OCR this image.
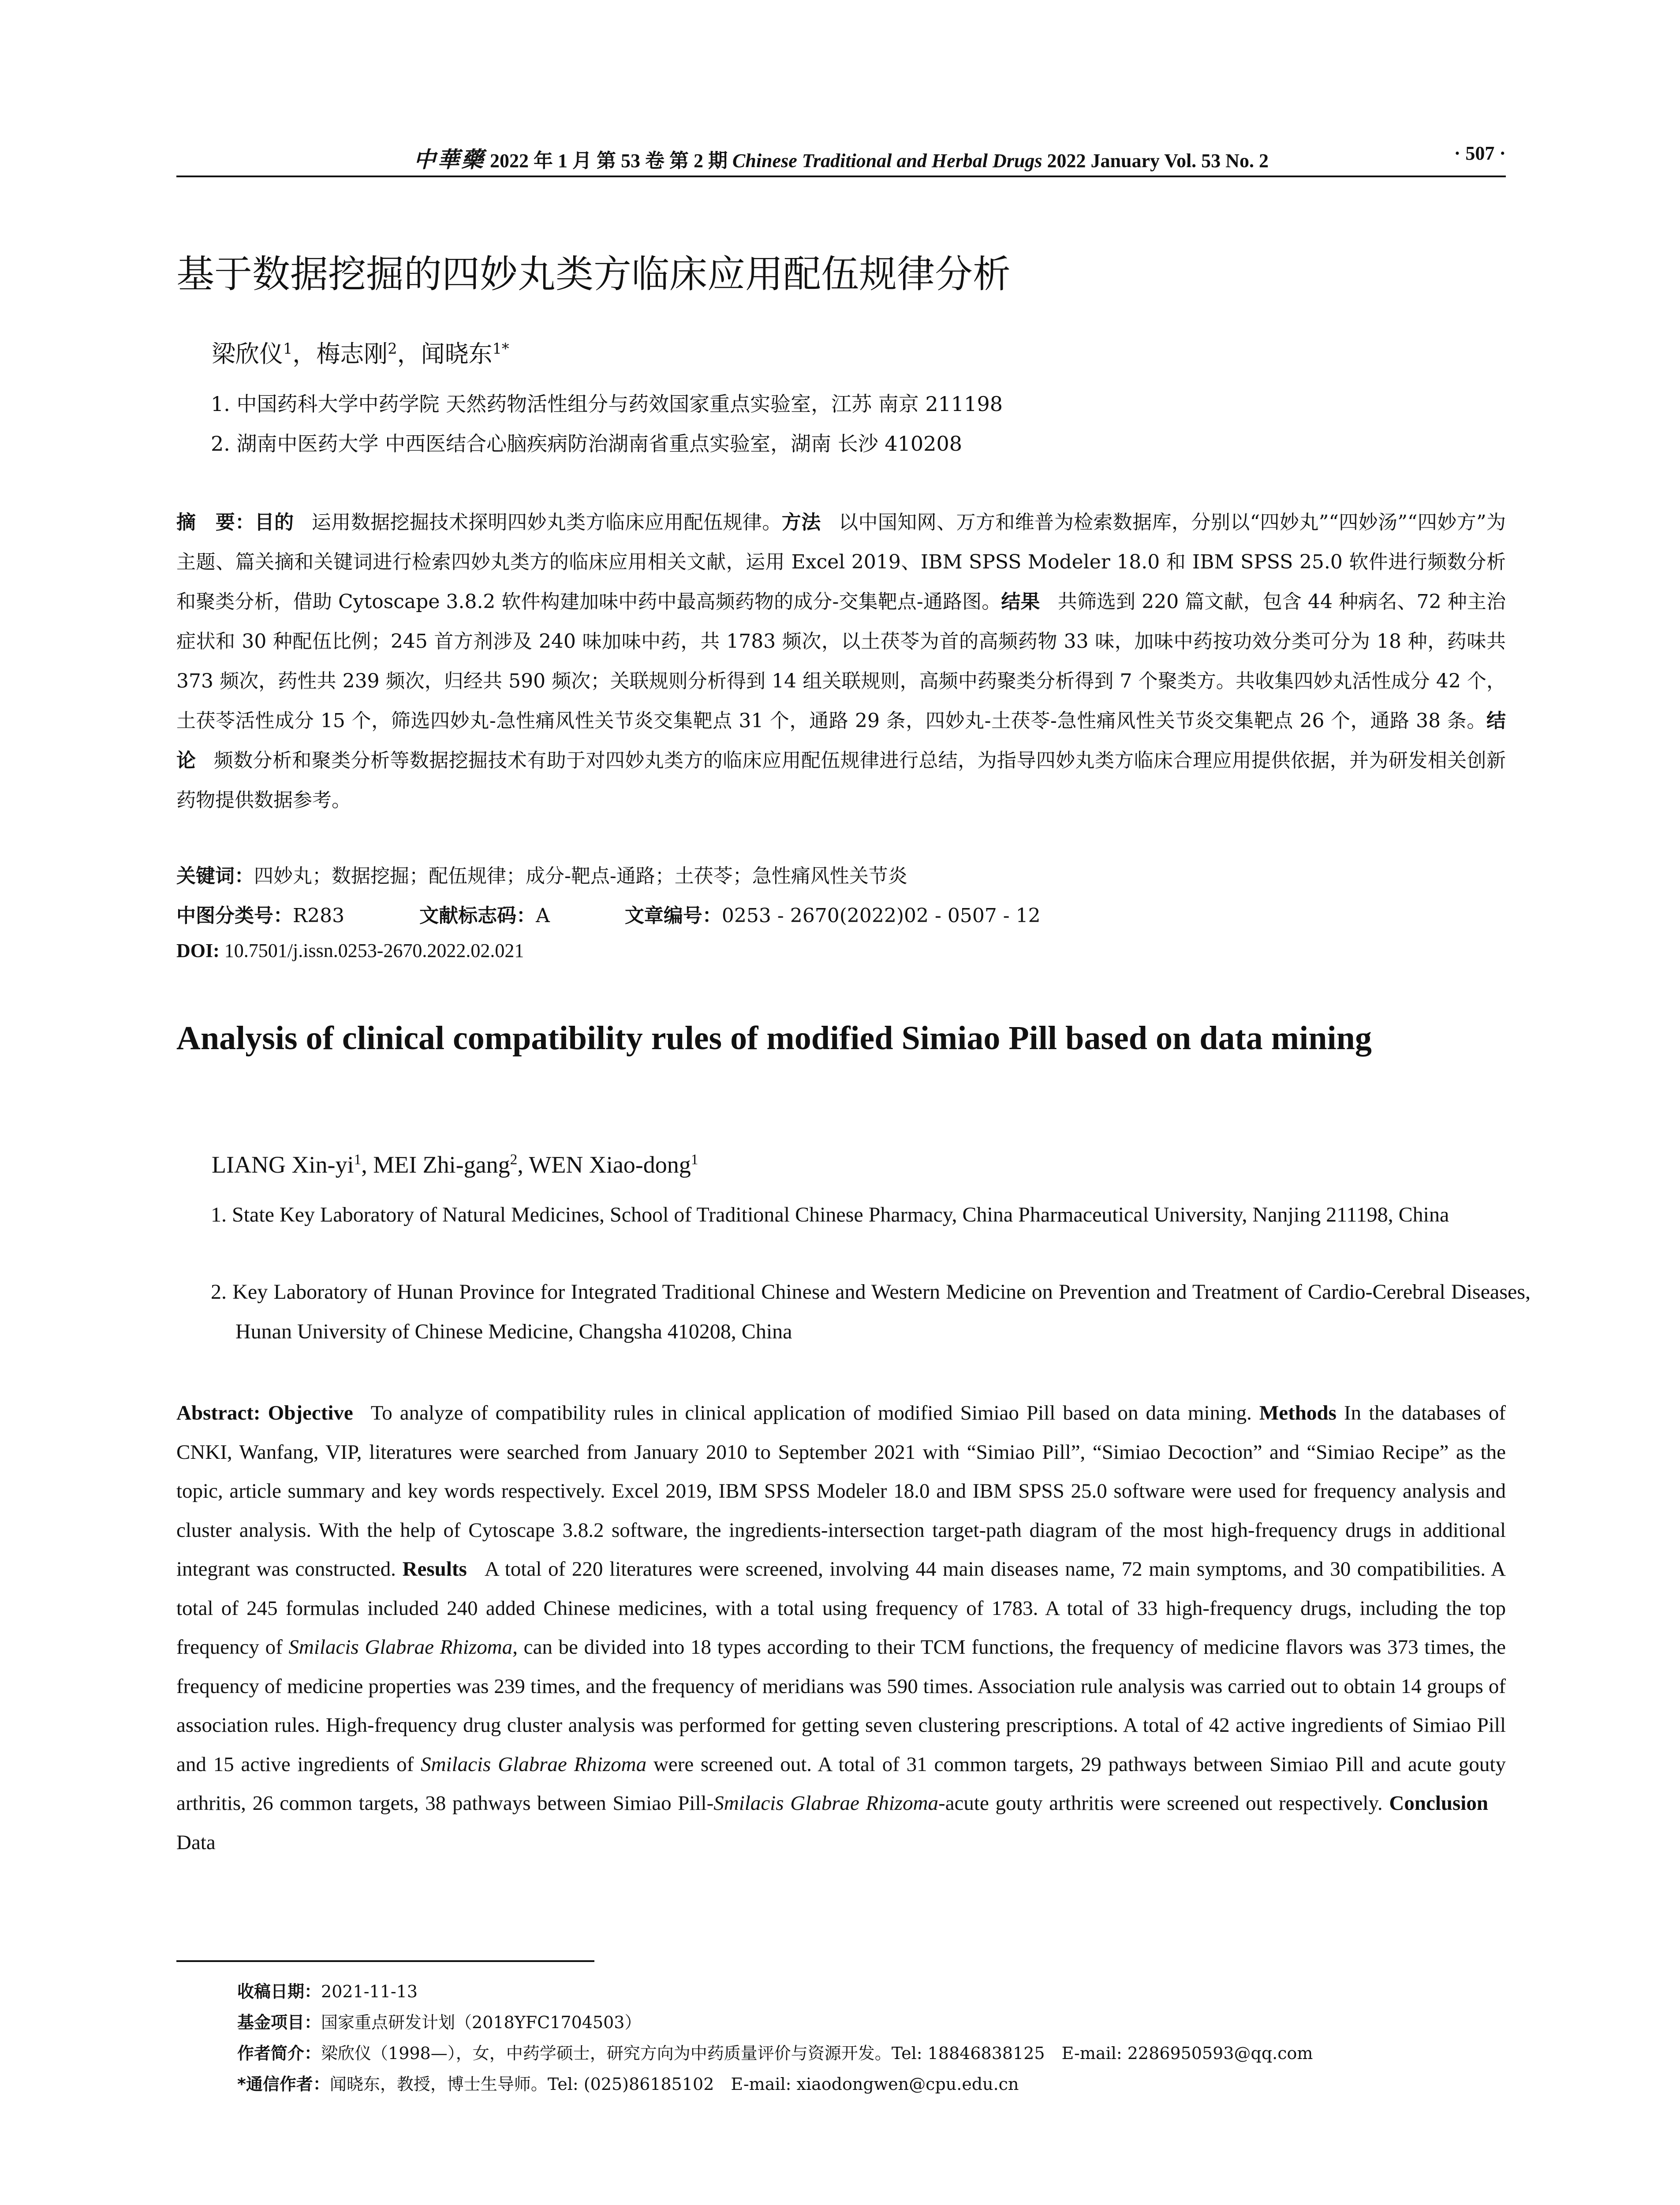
中華藥 2022 年 1 月 第 53 卷 第 2 期 Chinese Traditional and Herbal Drugs 2022 January Vol. 53 No. 2	· 507 ·
基于数据挖掘的四妙丸类方临床应用配伍规律分析
梁欣仪$^1$，梅志刚$^2$，闻晓东$^{1*}$
1. 中国药科大学中药学院 天然药物活性组分与药效国家重点实验室，江苏 南京 211198
2. 湖南中医药大学 中西医结合心脑疾病防治湖南省重点实验室，湖南 长沙 410208
摘　要：目的 运用数据挖掘技术探明四妙丸类方临床应用配伍规律。方法 以中国知网、万方和维普为检索数据库，分别以“四妙丸”“四妙汤”“四妙方”为主题、篇关摘和关键词进行检索四妙丸类方的临床应用相关文献，运用 Excel 2019、IBM SPSS Modeler 18.0 和 IBM SPSS 25.0 软件进行频数分析和聚类分析，借助 Cytoscape 3.8.2 软件构建加味中药中最高频药物的成分-交集靶点-通路图。结果 共筛选到 220 篇文献，包含 44 种病名、72 种主治症状和 30 种配伍比例；245 首方剂涉及 240 味加味中药，共 1783 频次，以土茯苓为首的高频药物 33 味，加味中药按功效分类可分为 18 种，药味共 373 频次，药性共 239 频次，归经共 590 频次；关联规则分析得到 14 组关联规则，高频中药聚类分析得到 7 个聚类方。共收集四妙丸活性成分 42 个，土茯苓活性成分 15 个，筛选四妙丸-急性痛风性关节炎交集靶点 31 个，通路 29 条，四妙丸-土茯苓-急性痛风性关节炎交集靶点 26 个，通路 38 条。结论 频数分析和聚类分析等数据挖掘技术有助于对四妙丸类方的临床应用配伍规律进行总结，为指导四妙丸类方临床合理应用提供依据，并为研发相关创新药物提供数据参考。
关键词：四妙丸；数据挖掘；配伍规律；成分-靶点-通路；土茯苓；急性痛风性关节炎
中图分类号：R283	文献标志码：A	文章编号：0253 - 2670(2022)02 - 0507 - 12
DOI: 10.7501/j.issn.0253-2670.2022.02.021
Analysis of clinical compatibility rules of modified Simiao Pill based on data mining
LIANG Xin-$yi^1$, MEI Zhi-gang$^2$, WEN Xiao-dong$^1$
1. State Key Laboratory of Natural Medicines, School of Traditional Chinese Pharmacy, China Pharmaceutical University, Nanjing 211198, China
2. Key Laboratory of Hunan Province for Integrated Traditional Chinese and Western Medicine on Prevention and Treatment of Cardio-Cerebral Diseases, Hunan University of Chinese Medicine, Changsha 410208, China
Abstract: Objective To analyze of compatibility rules in clinical application of modified Simiao Pill based on data mining. Methods In the databases of CNKI, Wanfang, VIP, literatures were searched from January 2010 to September 2021 with “Simiao Pill”, “Simiao Decoction” and “Simiao Recipe” as the topic, article summary and key words respectively. Excel 2019, IBM SPSS Modeler 18.0 and IBM SPSS 25.0 software were used for frequency analysis and cluster analysis. With the help of Cytoscape 3.8.2 software, the ingredients-intersection target-path diagram of the most high-frequency drugs in additional integrant was constructed. Results A total of 220 literatures were screened, involving 44 main diseases name, 72 main symptoms, and 30 compatibilities. A total of 245 formulas included 240 added Chinese medicines, with a total using frequency of 1783. A total of 33 high-frequency drugs, including the top frequency of Smilacis Glabrae Rhizoma, can be divided into 18 types according to their TCM functions, the frequency of medicine flavors was 373 times, the frequency of medicine properties was 239 times, and the frequency of meridians was 590 times. Association rule analysis was carried out to obtain 14 groups of association rules. High-frequency drug cluster analysis was performed for getting seven clustering prescriptions. A total of 42 active ingredients of Simiao Pill and 15 active ingredients of Smilacis Glabrae Rhizoma were screened out. A total of 31 common targets, 29 pathways between Simiao Pill and acute gouty arthritis, 26 common targets, 38 pathways between Simiao Pill-Smilacis Glabrae Rhizoma-acute gouty arthritis were screened out respectively. ConclusionData
收稿日期：2021-11-13
基金项目：国家重点研发计划（2018YFC1704503）
作者简介：梁欣仪（1998—），女，中药学硕士，研究方向为中药质量评价与资源开发。Tel: 18846838125　E-mail: 2286950593@qq.com
*通信作者：闻晓东，教授，博士生导师。Tel: (025)86185102　E-mail: xiaodongwen@cpu.edu.cn
